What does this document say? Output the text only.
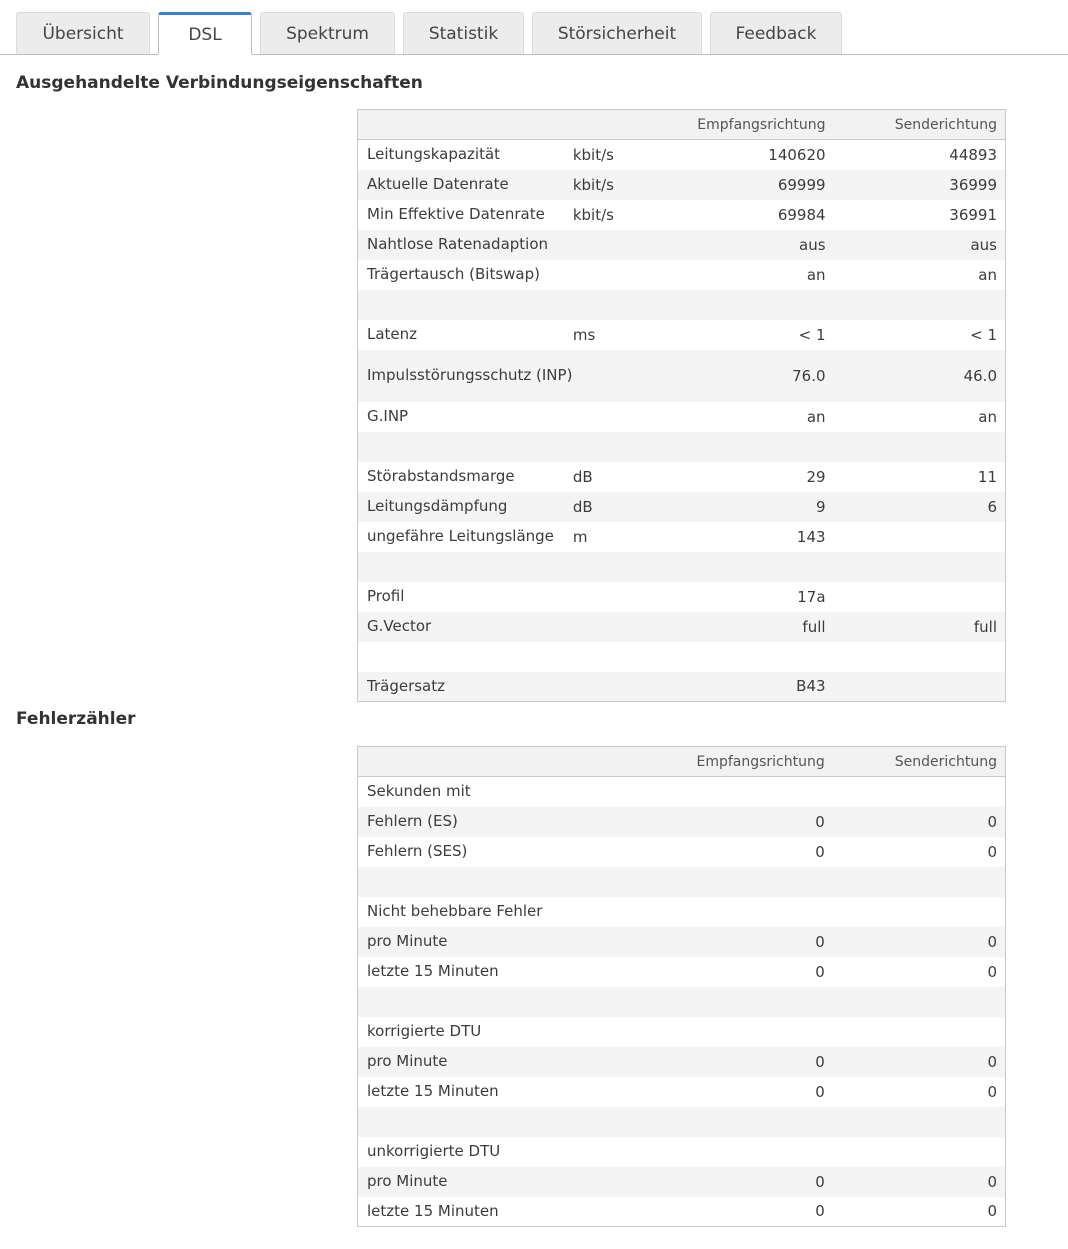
Übersicht	DSL	Spektrum	Statistik	Störsicherheit	Feedback
Ausgehandelte Verbindungseigenschaften
		Empfangsrichtung	Senderichtung
Leitungskapazität	kbit/s	140620	44893
Aktuelle Datenrate	kbit/s	69999	36999
Min Effektive Datenrate	kbit/s	69984	36991
Nahtlose Ratenadaption		aus	aus
Trägertausch (Bitswap)		an	an

Latenz	ms	< 1	< 1
Impulsstörungsschutz (INP)		76.0	46.0
G.INP		an	an

Störabstandsmarge	dB	29	11
Leitungsdämpfung	dB	9	6
ungefähre Leitungslänge	m	143	

Profil		17a	
G.Vector		full	full

Trägersatz		B43	
Fehlerzähler
	Empfangsrichtung	Senderichtung
Sekunden mit		
Fehlern (ES)	0	0
Fehlern (SES)	0	0

Nicht behebbare Fehler		
pro Minute	0	0
letzte 15 Minuten	0	0

korrigierte DTU		
pro Minute	0	0
letzte 15 Minuten	0	0

unkorrigierte DTU		
pro Minute	0	0
letzte 15 Minuten	0	0
